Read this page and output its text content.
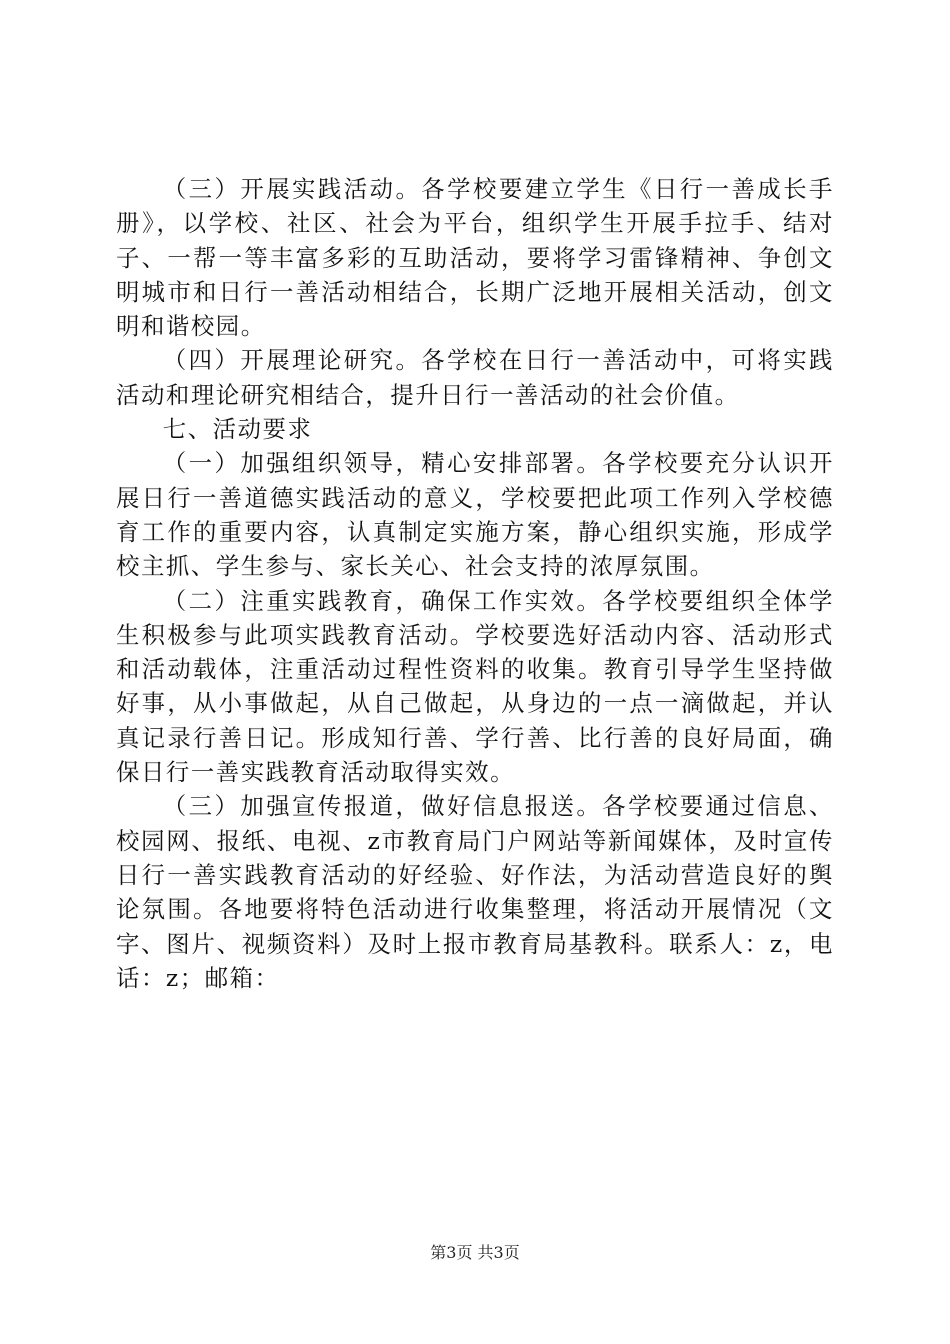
（三）开展实践活动。各学校要建立学生《日行一善成长手册》，以学校、社区、社会为平台，组织学生开展手拉手、结对子、一帮一等丰富多彩的互助活动，要将学习雷锋精神、争创文明城市和日行一善活动相结合，长期广泛地开展相关活动，创文明和谐校园。

（四）开展理论研究。各学校在日行一善活动中，可将实践活动和理论研究相结合，提升日行一善活动的社会价值。

七、活动要求

（一）加强组织领导，精心安排部署。各学校要充分认识开展日行一善道德实践活动的意义，学校要把此项工作列入学校德育工作的重要内容，认真制定实施方案，静心组织实施，形成学校主抓、学生参与、家长关心、社会支持的浓厚氛围。

（二）注重实践教育，确保工作实效。各学校要组织全体学生积极参与此项实践教育活动。学校要选好活动内容、活动形式和活动载体，注重活动过程性资料的收集。教育引导学生坚持做好事，从小事做起，从自己做起，从身边的一点一滴做起，并认真记录行善日记。形成知行善、学行善、比行善的良好局面，确保日行一善实践教育活动取得实效。

（三）加强宣传报道，做好信息报送。各学校要通过信息、校园网、报纸、电视、z市教育局门户网站等新闻媒体，及时宣传日行一善实践教育活动的好经验、好作法，为活动营造良好的舆论氛围。各地要将特色活动进行收集整理，将活动开展情况（文字、图片、视频资料）及时上报市教育局基教科。联系人：z，电话：z；邮箱：

第3页 共3页
